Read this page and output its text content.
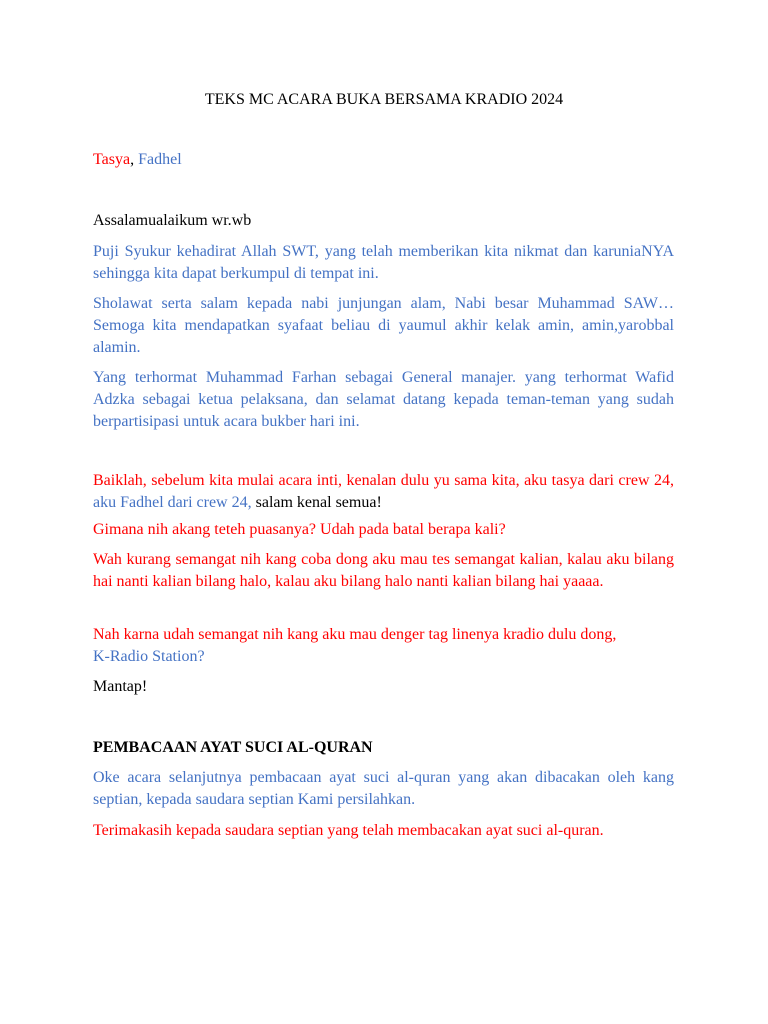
TEKS MC ACARA BUKA BERSAMA KRADIO 2024

Tasya, Fadhel

Assalamualaikum wr.wb

Puji Syukur kehadirat Allah SWT, yang telah memberikan kita nikmat dan karuniaNYA sehingga kita dapat berkumpul di tempat ini.

Sholawat serta salam kepada nabi junjungan alam, Nabi besar Muhammad SAW… Semoga kita mendapatkan syafaat beliau di yaumul akhir kelak amin, amin,yarobbal alamin.

Yang terhormat Muhammad Farhan sebagai General manajer. yang terhormat Wafid Adzka sebagai ketua pelaksana, dan selamat datang kepada teman-teman yang sudah berpartisipasi untuk acara bukber hari ini.

Baiklah, sebelum kita mulai acara inti, kenalan dulu yu sama kita, aku tasya dari crew 24, aku Fadhel dari crew 24, salam kenal semua!

Gimana nih akang teteh puasanya? Udah pada batal berapa kali?

Wah kurang semangat nih kang coba dong aku mau tes semangat kalian, kalau aku bilang hai nanti kalian bilang halo, kalau aku bilang halo nanti kalian bilang hai yaaaa.

Nah karna udah semangat nih kang aku mau denger tag linenya kradio dulu dong,
K-Radio Station?

Mantap!

PEMBACAAN AYAT SUCI AL-QURAN

Oke acara selanjutnya pembacaan ayat suci al-quran yang akan dibacakan oleh kang septian, kepada saudara septian Kami persilahkan.

Terimakasih kepada saudara septian yang telah membacakan ayat suci al-quran.
